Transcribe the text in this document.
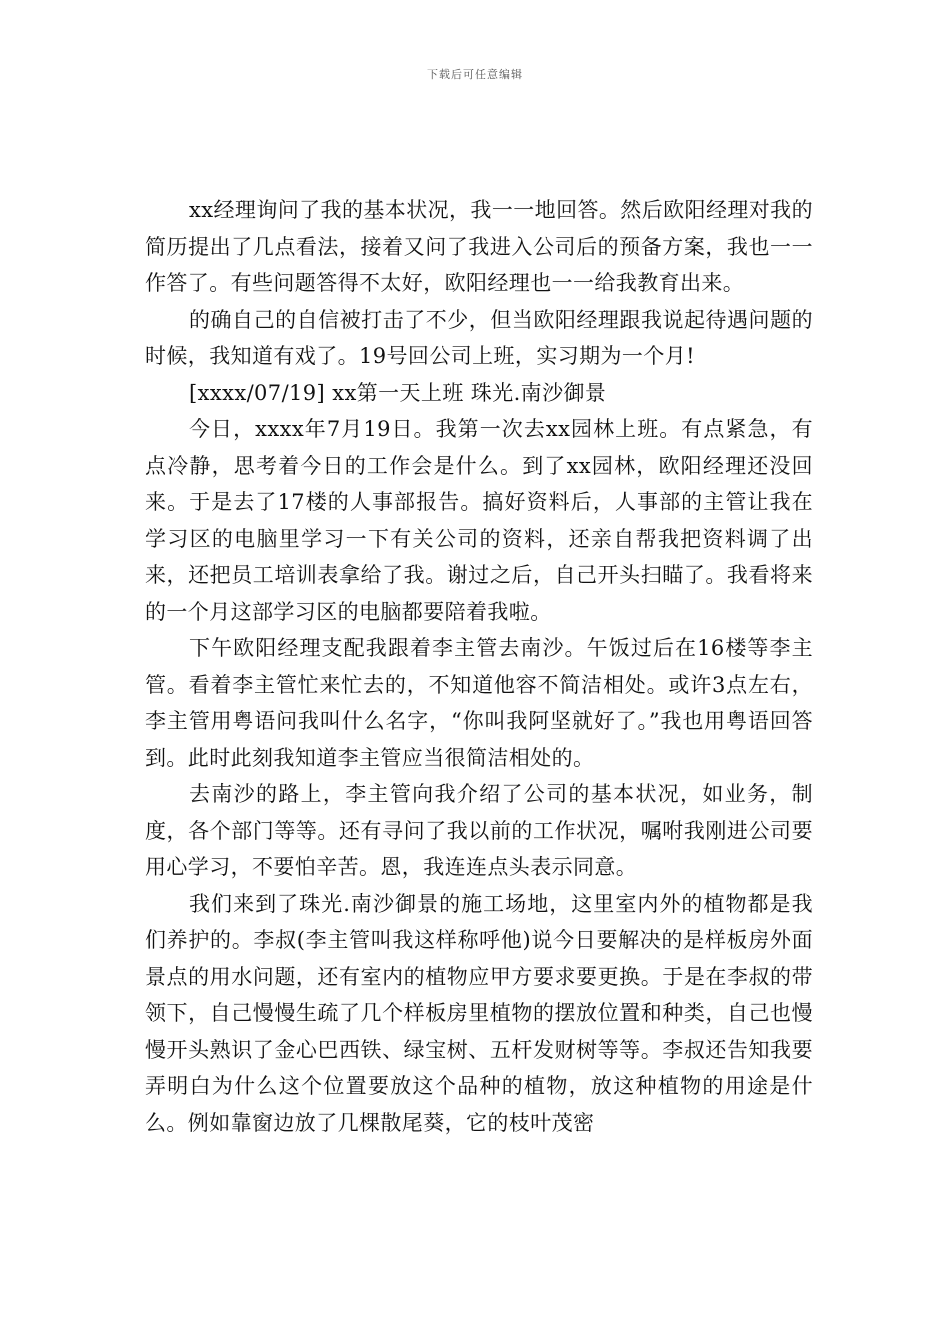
下载后可任意编辑

xx经理询问了我的基本状况，我一一地回答。然后欧阳经理对我的简历提出了几点看法，接着又问了我进入公司后的预备方案，我也一一作答了。有些问题答得不太好，欧阳经理也一一给我教育出来。

的确自己的自信被打击了不少，但当欧阳经理跟我说起待遇问题的时候，我知道有戏了。19号回公司上班，实习期为一个月!

[xxxx/07/19] xx第一天上班 珠光.南沙御景

今日，xxxx年7月19日。我第一次去xx园林上班。有点紧急，有点冷静，思考着今日的工作会是什么。到了xx园林，欧阳经理还没回来。于是去了17楼的人事部报告。搞好资料后，人事部的主管让我在学习区的电脑里学习一下有关公司的资料，还亲自帮我把资料调了出来，还把员工培训表拿给了我。谢过之后，自己开头扫瞄了。我看将来的一个月这部学习区的电脑都要陪着我啦。

下午欧阳经理支配我跟着李主管去南沙。午饭过后在16楼等李主管。看着李主管忙来忙去的，不知道他容不简洁相处。或许3点左右，李主管用粤语问我叫什么名字，“你叫我阿坚就好了。”我也用粤语回答到。此时此刻我知道李主管应当很简洁相处的。

去南沙的路上，李主管向我介绍了公司的基本状况，如业务，制度，各个部门等等。还有寻问了我以前的工作状况，嘱咐我刚进公司要用心学习，不要怕辛苦。恩，我连连点头表示同意。

我们来到了珠光.南沙御景的施工场地，这里室内外的植物都是我们养护的。李叔(李主管叫我这样称呼他)说今日要解决的是样板房外面景点的用水问题，还有室内的植物应甲方要求要更换。于是在李叔的带领下，自己慢慢生疏了几个样板房里植物的摆放位置和种类，自己也慢慢开头熟识了金心巴西铁、绿宝树、五杆发财树等等。李叔还告知我要弄明白为什么这个位置要放这个品种的植物，放这种植物的用途是什么。例如靠窗边放了几棵散尾葵，它的枝叶茂密
